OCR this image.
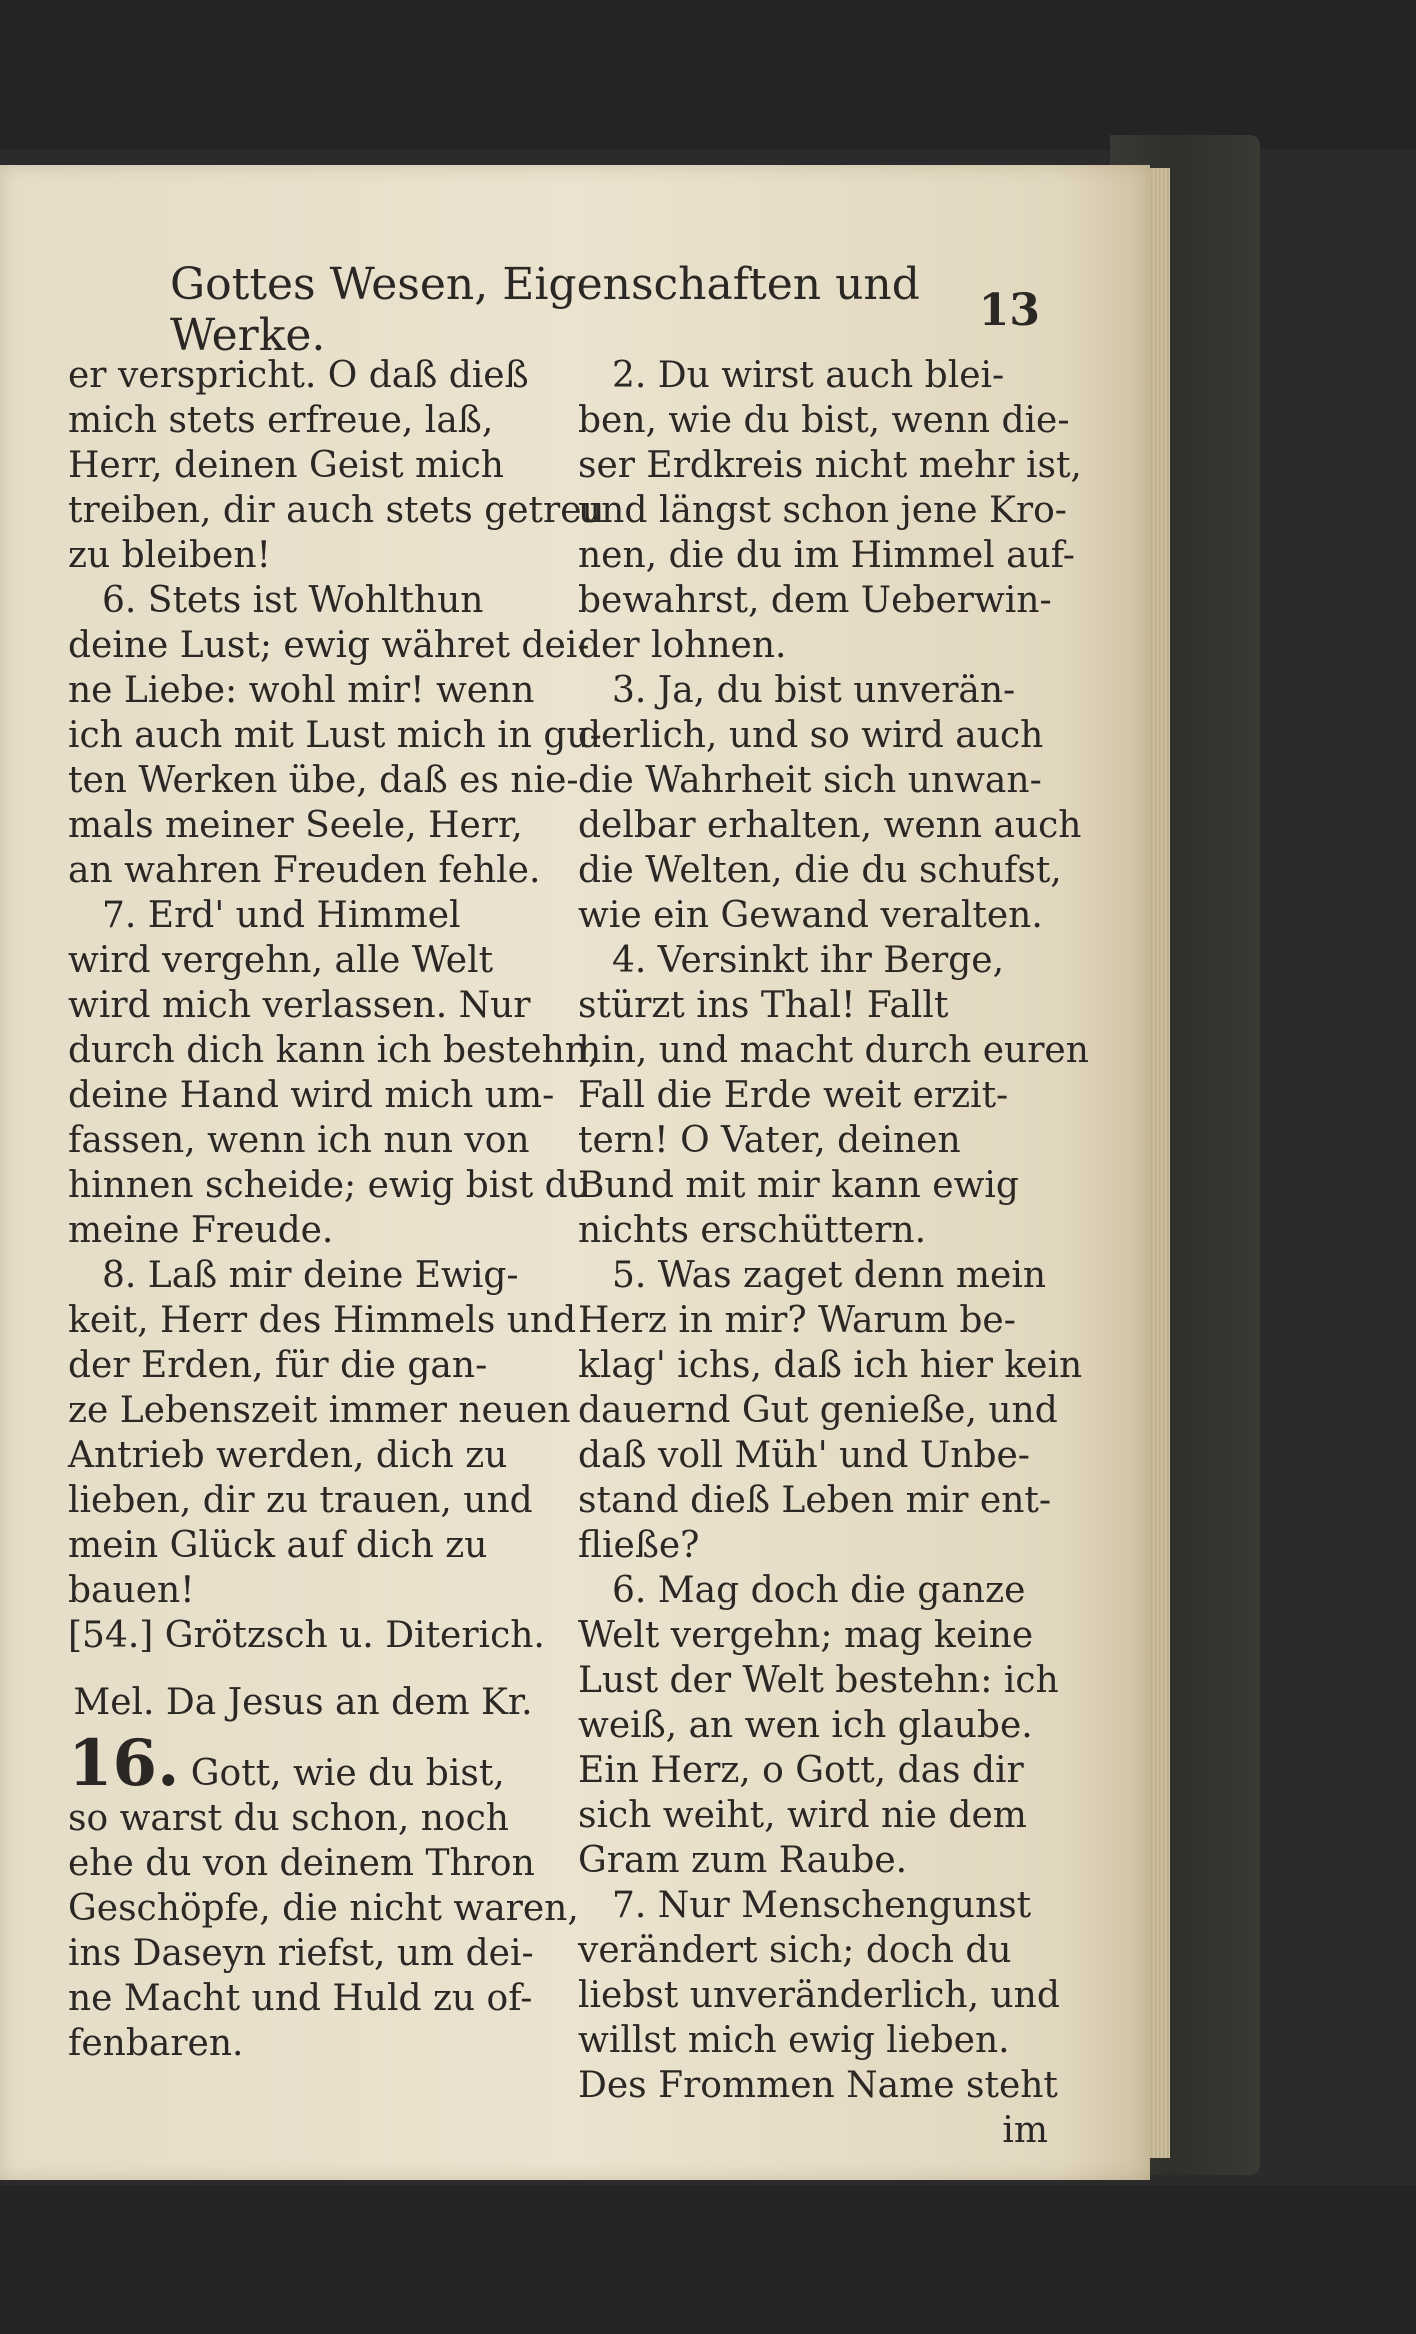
Gottes Wesen, Eigenschaften und Werke.	13
er verspricht. O daß dieß
mich stets erfreue, laß,
Herr, deinen Geist mich
treiben, dir auch stets getreu
zu bleiben!
6. Stets ist Wohlthun
deine Lust; ewig währet dei-
ne Liebe: wohl mir! wenn
ich auch mit Lust mich in gu-
ten Werken übe, daß es nie-
mals meiner Seele, Herr,
an wahren Freuden fehle.
7. Erd' und Himmel
wird vergehn, alle Welt
wird mich verlassen. Nur
durch dich kann ich bestehn,
deine Hand wird mich um-
fassen, wenn ich nun von
hinnen scheide; ewig bist du
meine Freude.
8. Laß mir deine Ewig-
keit, Herr des Himmels und
der Erden, für die gan-
ze Lebenszeit immer neuen
Antrieb werden, dich zu
lieben, dir zu trauen, und
mein Glück auf dich zu
bauen!
[54.] Grötzsch u. Diterich.
Mel. Da Jesus an dem Kr.
16. Gott, wie du bist,
so warst du schon, noch
ehe du von deinem Thron
Geschöpfe, die nicht waren,
ins Daseyn riefst, um dei-
ne Macht und Huld zu of-
fenbaren.
2. Du wirst auch blei-
ben, wie du bist, wenn die-
ser Erdkreis nicht mehr ist,
und längst schon jene Kro-
nen, die du im Himmel auf-
bewahrst, dem Ueberwin-
der lohnen.
3. Ja, du bist unverän-
derlich, und so wird auch
die Wahrheit sich unwan-
delbar erhalten, wenn auch
die Welten, die du schufst,
wie ein Gewand veralten.
4. Versinkt ihr Berge,
stürzt ins Thal! Fallt
hin, und macht durch euren
Fall die Erde weit erzit-
tern! O Vater, deinen
Bund mit mir kann ewig
nichts erschüttern.
5. Was zaget denn mein
Herz in mir? Warum be-
klag' ichs, daß ich hier kein
dauernd Gut genieße, und
daß voll Müh' und Unbe-
stand dieß Leben mir ent-
fließe?
6. Mag doch die ganze
Welt vergehn; mag keine
Lust der Welt bestehn: ich
weiß, an wen ich glaube.
Ein Herz, o Gott, das dir
sich weiht, wird nie dem
Gram zum Raube.
7. Nur Menschengunst
verändert sich; doch du
liebst unveränderlich, und
willst mich ewig lieben.
Des Frommen Name steht
im
